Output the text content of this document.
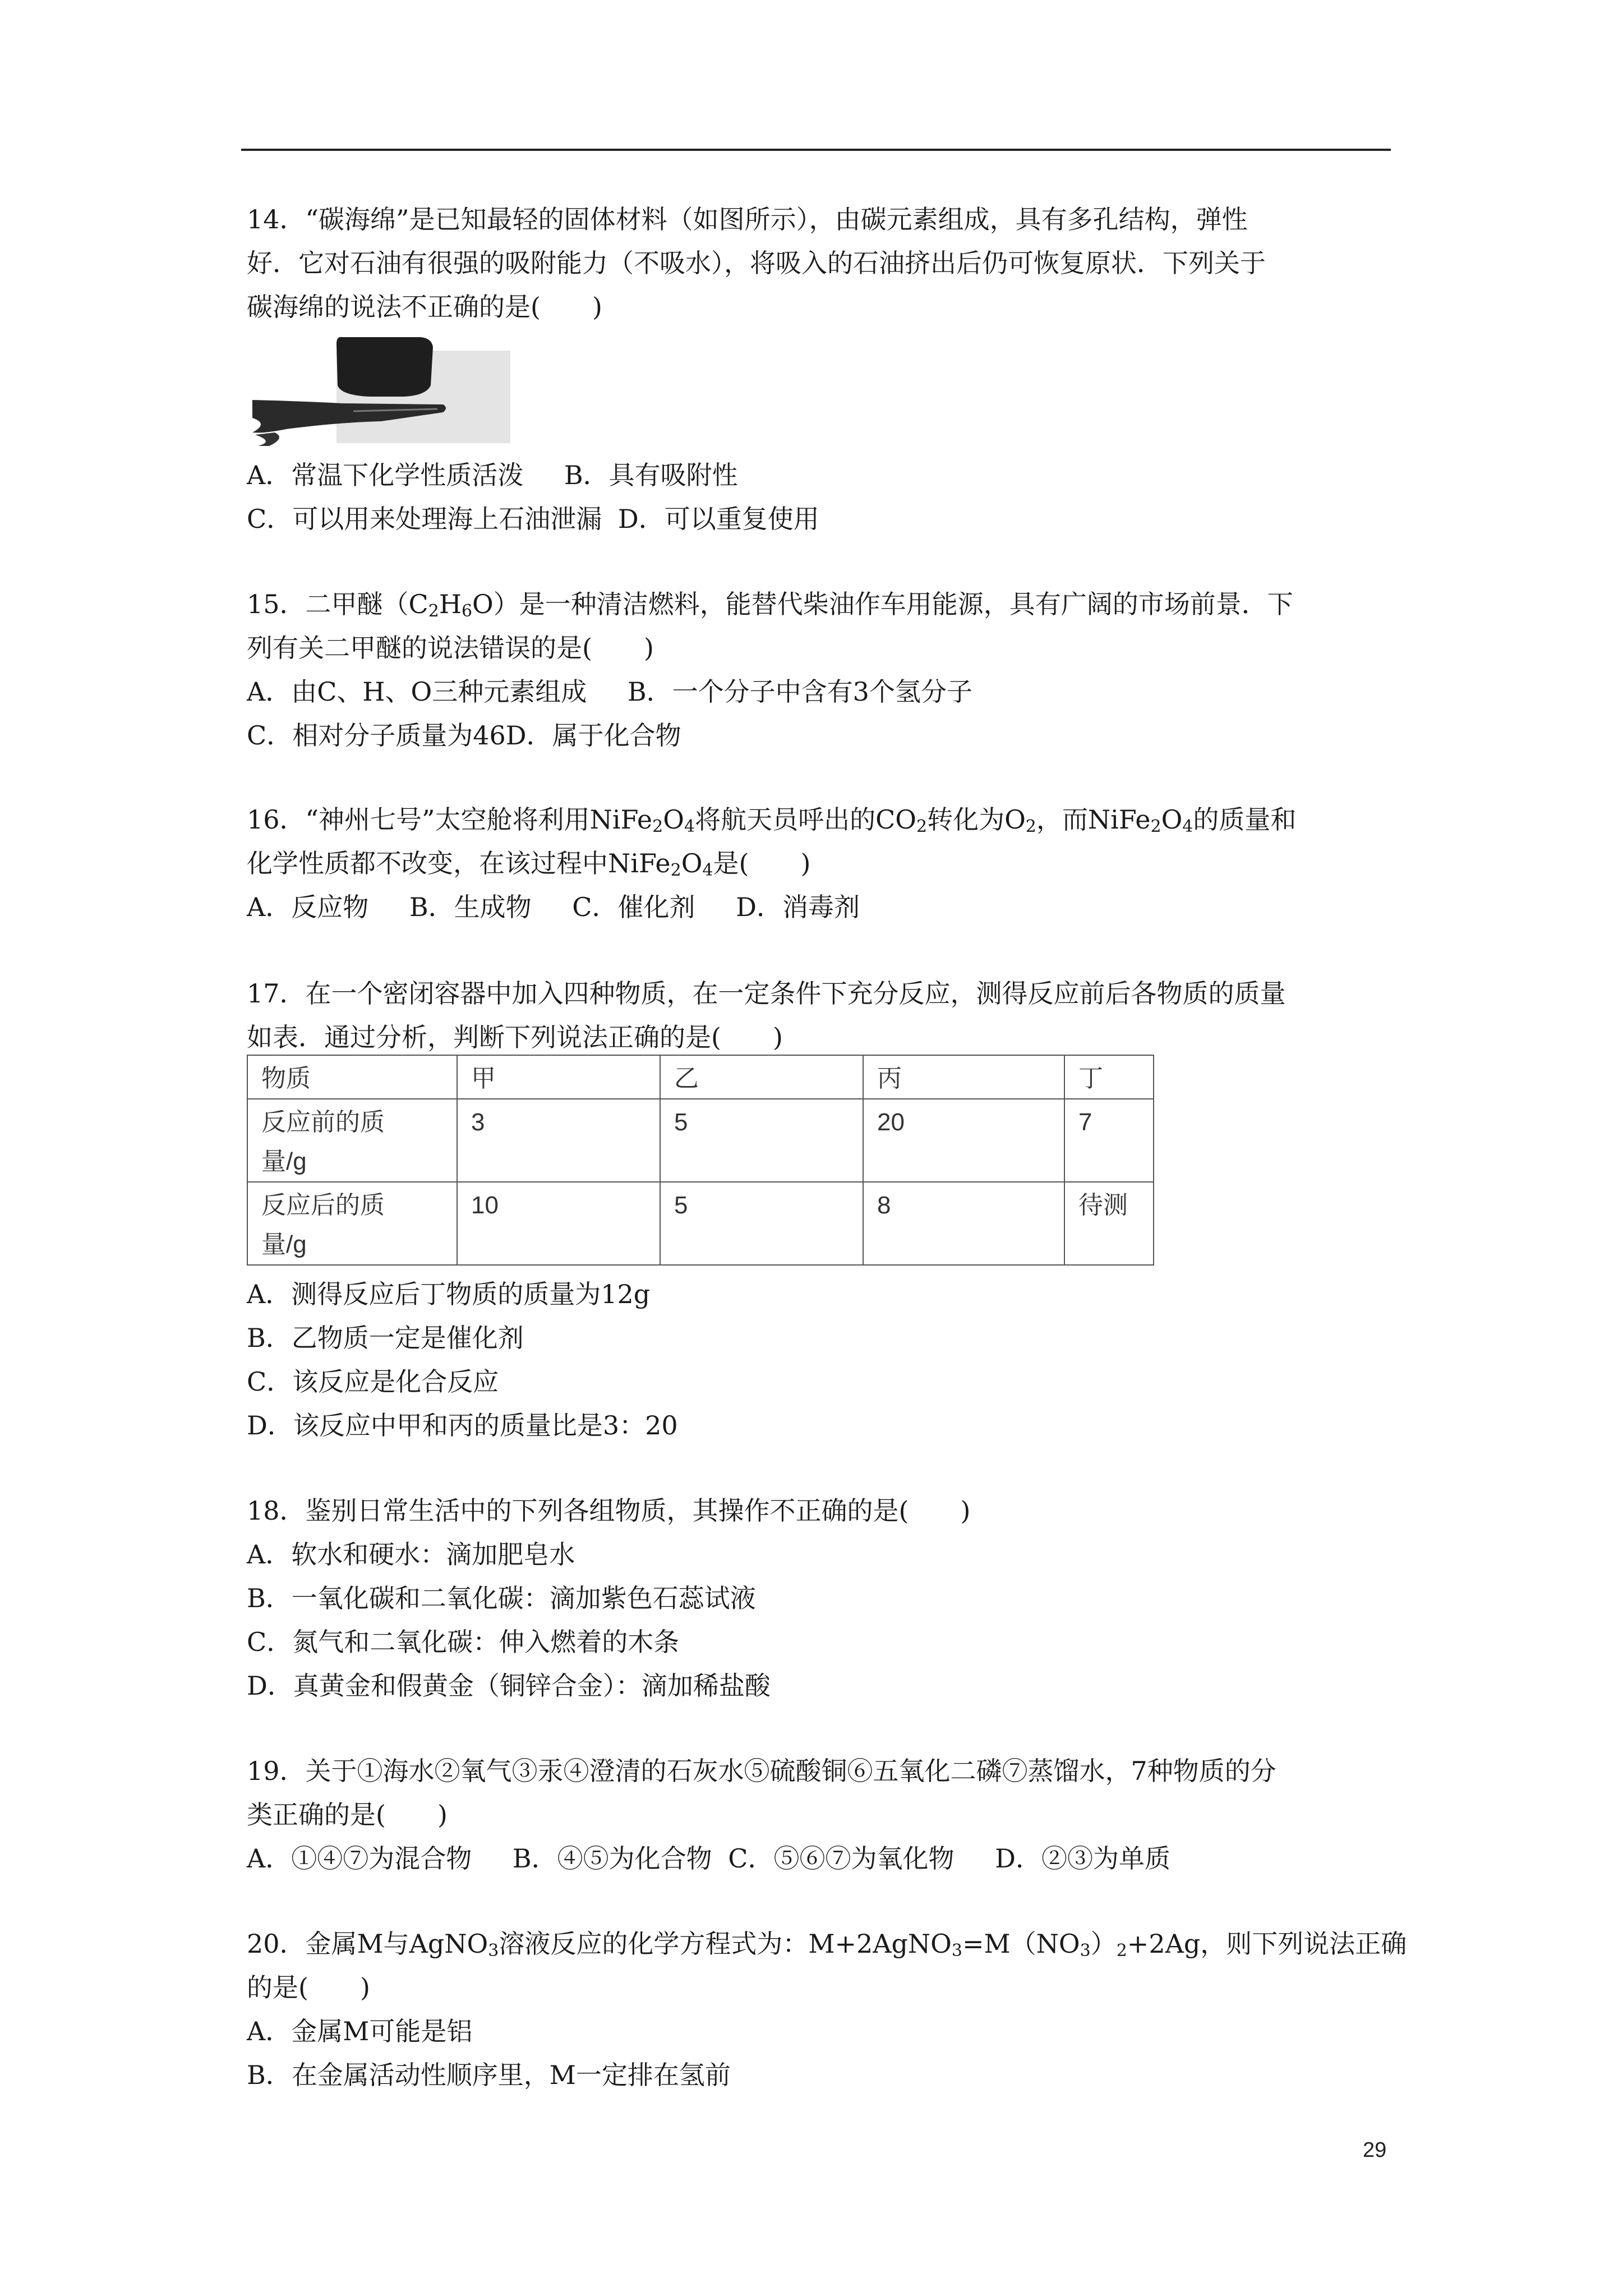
14．“碳海绵”是已知最轻的固体材料（如图所示），由碳元素组成，具有多孔结构，弹性
好．它对石油有很强的吸附能力（不吸水），将吸入的石油挤出后仍可恢复原状．下列关于
碳海绵的说法不正确的是(　　)
A．常温下化学性质活泼 B．具有吸附性
C．可以用来处理海上石油泄漏 D．可以重复使用
15．二甲醚$(C_2H_6O)$是一种清洁燃料，能替代柴油作车用能源，具有广阔的市场前景．下
列有关二甲醚的说法错误的是(　　)
A．由C、H、O三种元素组成 B．一个分子中含有3个氢分子
C．相对分子质量为46D．属于化合物
16．“神州七号”太空舱将利用$NiFe_2O_4$将航天员呼出的$CO_2$转化为$O_2$，而$NiFe_2O_4$的质量和
化学性质都不改变，在该过程中$NiFe_2O_4$是(　　)
A．反应物 B．生成物 C．催化剂 D．消毒剂
17．在一个密闭容器中加入四种物质，在一定条件下充分反应，测得反应前后各物质的质量
如表．通过分析，判断下列说法正确的是(　　)
物质	甲	乙	丙	丁
反应前的质
量/g	3	5	20	7
反应后的质
量/g	10	5	8	待测
A．测得反应后丁物质的质量为12g
B．乙物质一定是催化剂
C．该反应是化合反应
D．该反应中甲和丙的质量比是3：20
18．鉴别日常生活中的下列各组物质，其操作不正确的是(　　)
A．软水和硬水：滴加肥皂水
B．一氧化碳和二氧化碳：滴加紫色石蕊试液
C．氮气和二氧化碳：伸入燃着的木条
D．真黄金和假黄金（铜锌合金）：滴加稀盐酸
19．关于①海水②氧气③汞④澄清的石灰水⑤硫酸铜⑥五氧化二磷⑦蒸馏水，7种物质的分
类正确的是(　　)
A．①④⑦为混合物 B．④⑤为化合物 C．⑤⑥⑦为氧化物 D．②③为单质
20．金属M与AgNO$_3$溶液反应的化学方程式为：$M+2AgNO_3=M(NO_3)_2+2Ag$，则下列说法正确
的是(　　)
A．金属M可能是铝
B．在金属活动性顺序里，M一定排在氢前
29
